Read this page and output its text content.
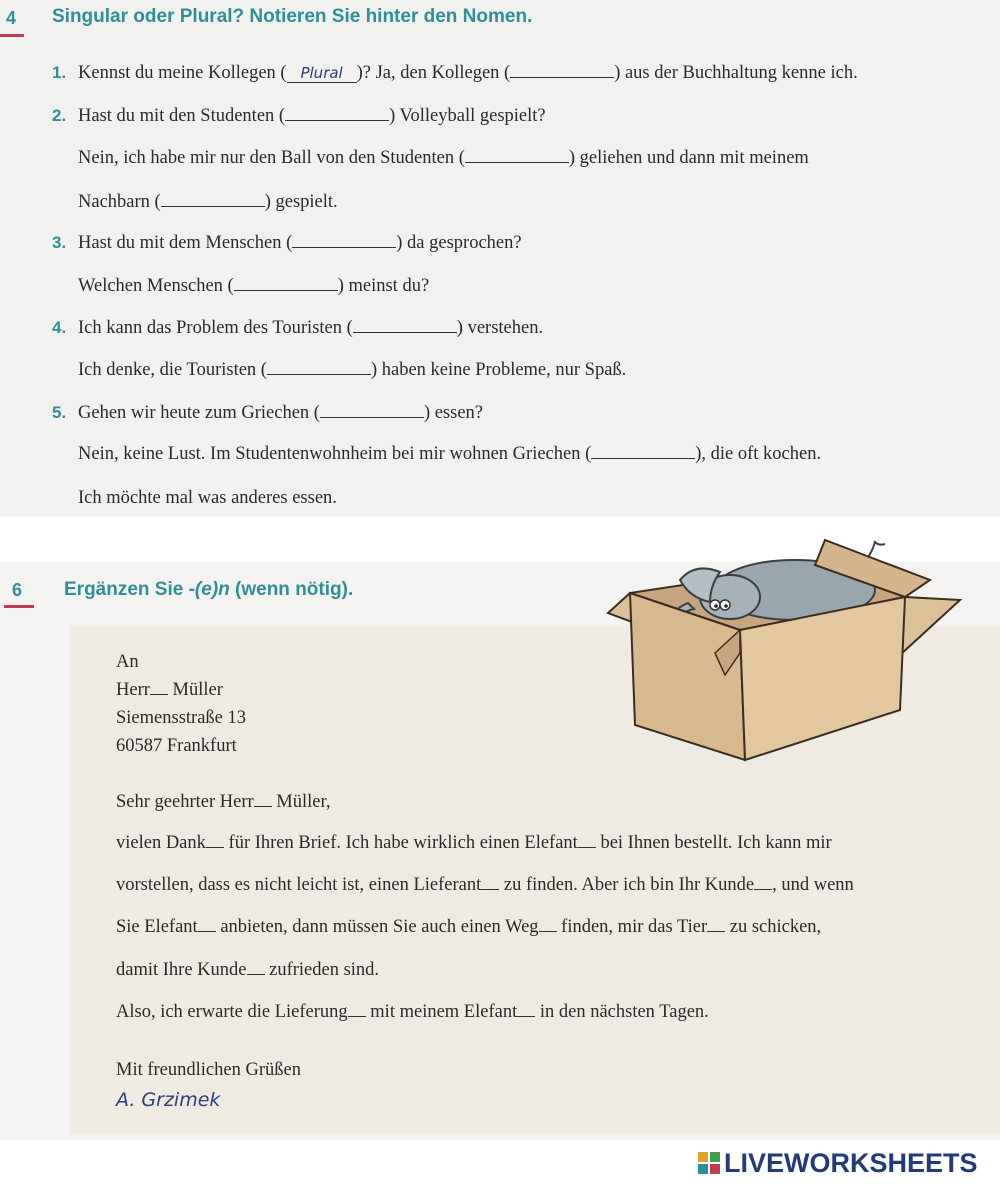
4 Singular oder Plural? Notieren Sie hinter den Nomen.
1. Kennst du meine Kollegen ( Plural )? Ja, den Kollegen (	) aus der Buchhaltung kenne ich.
2. Hast du mit den Studenten (	) Volleyball gespielt?
Nein, ich habe mir nur den Ball von den Studenten (	) geliehen und dann mit meinem
Nachbarn (	) gespielt.
3. Hast du mit dem Menschen (	) da gesprochen?
Welchen Menschen (	) meinst du?
4. Ich kann das Problem des Touristen (	) verstehen.
Ich denke, die Touristen (	) haben keine Probleme, nur Spaß.
5. Gehen wir heute zum Griechen (	) essen?
Nein, keine Lust. Im Studentenwohnheim bei mir wohnen Griechen (	), die oft kochen.
Ich möchte mal was anderes essen.
6 Ergänzen Sie -(e)n (wenn nötig).
An
Herr Müller
Siemensstraße 13
60587 Frankfurt
Sehr geehrter Herr Müller,
vielen Dank für Ihren Brief. Ich habe wirklich einen Elefant bei Ihnen bestellt. Ich kann mir
vorstellen, dass es nicht leicht ist, einen Lieferant zu finden. Aber ich bin Ihr Kunde , und wenn
Sie Elefant anbieten, dann müssen Sie auch einen Weg finden, mir das Tier zu schicken,
damit Ihre Kunde zufrieden sind.
Also, ich erwarte die Lieferung mit meinem Elefant in den nächsten Tagen.
Mit freundlichen Grüßen
A. Grzimek
LIVEWORKSHEETS
